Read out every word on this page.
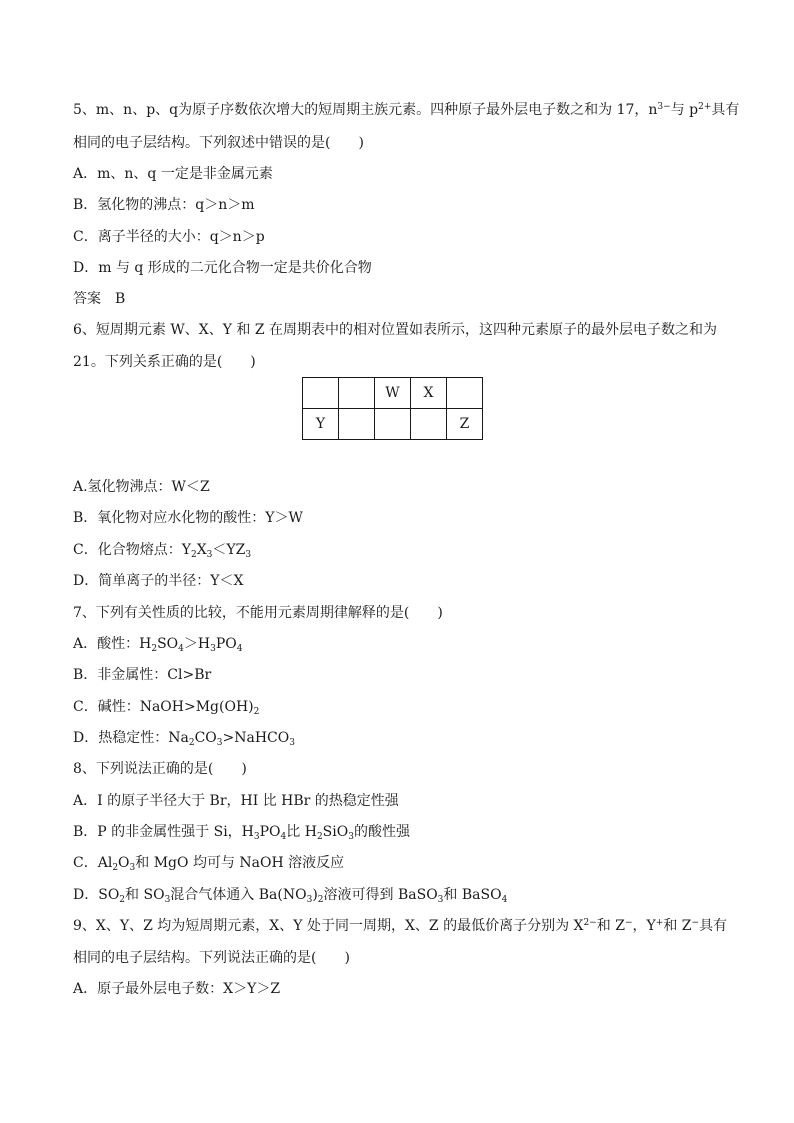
5、m、n、p、q为原子序数依次增大的短周期主族元素。四种原子最外层电子数之和为 17，$n^{3-}$与 $p^{2+}$具有
相同的电子层结构。下列叙述中错误的是(　　)
A．m、n、q 一定是非金属元素
B．氢化物的沸点：q＞n＞m
C．离子半径的大小：q＞n＞p
D．m 与 q 形成的二元化合物一定是共价化合物
答案　B
6、短周期元素 W、X、Y 和 Z 在周期表中的相对位置如表所示，这四种元素原子的最外层电子数之和为
21。下列关系正确的是(　　)
		W	X	
Y				Z
A.氢化物沸点：W＜Z
B．氧化物对应水化物的酸性：Y＞W
C．化合物熔点：$Y_2X_3<YZ_3$
D．简单离子的半径：Y＜X
7、下列有关性质的比较，不能用元素周期律解释的是(　　)
A．酸性：$H_2SO_4>H_3PO_4$
B．非金属性：Cl>Br
C．碱性：$NaOH>Mg(OH)_2$
D．热稳定性：$Na_2CO_3>NaHCO_3$
8、下列说法正确的是(　　)
A．I 的原子半径大于 Br，HI 比 HBr 的热稳定性强
B．P 的非金属性强于 Si，$H_3PO_4$比 $H_2SiO_3$的酸性强
C．$Al_2O_3$和 MgO 均可与 NaOH 溶液反应
D．$SO_2$和 $SO_3$混合气体通入 $Ba(NO_3)_2$溶液可得到 BaSO$_3$和 BaSO$_4$
9、X、Y、Z 均为短周期元素，X、Y 处于同一周期，X、Z 的最低价离子分别为 $X^{2-}$和 Z−，Y+和 Z−具有
相同的电子层结构。下列说法正确的是(　　)
A．原子最外层电子数：X＞Y＞Z
